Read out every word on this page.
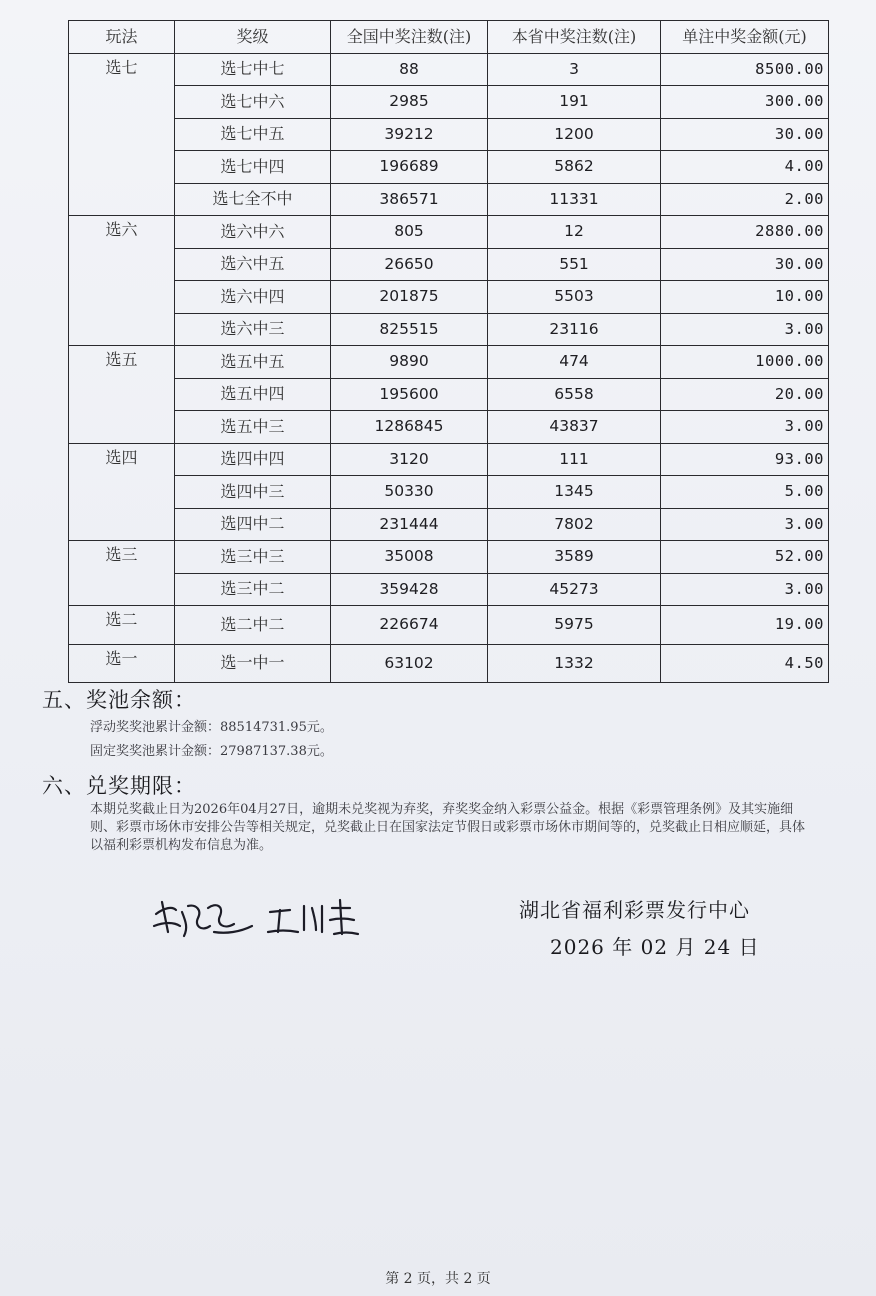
玩法	奖级	全国中奖注数(注)	本省中奖注数(注)	单注中奖金额(元)
选七	选七中七	88	3	8500.00
	选七中六	2985	191	300.00
	选七中五	39212	1200	30.00
	选七中四	196689	5862	4.00
	选七全不中	386571	11331	2.00
选六	选六中六	805	12	2880.00
	选六中五	26650	551	30.00
	选六中四	201875	5503	10.00
	选六中三	825515	23116	3.00
选五	选五中五	9890	474	1000.00
	选五中四	195600	6558	20.00
	选五中三	1286845	43837	3.00
选四	选四中四	3120	111	93.00
	选四中三	50330	1345	5.00
	选四中二	231444	7802	3.00
选三	选三中三	35008	3589	52.00
	选三中二	359428	45273	3.00
选二	选二中二	226674	5975	19.00
选一	选一中一	63102	1332	4.50
五、奖池余额：
浮动奖奖池累计金额：88514731.95元。
固定奖奖池累计金额：27987137.38元。
六、兑奖期限：
本期兑奖截止日为2026年04月27日，逾期未兑奖视为弃奖，弃奖奖金纳入彩票公益金。根据《彩票管理条例》及其实施细则、彩票市场休市安排公告等相关规定，兑奖截止日在国家法定节假日或彩票市场休市期间等的，兑奖截止日相应顺延，具体以福利彩票机构发布信息为准。
湖北省福利彩票发行中心
2026 年 02 月 24 日
第 2 页，共 2 页
